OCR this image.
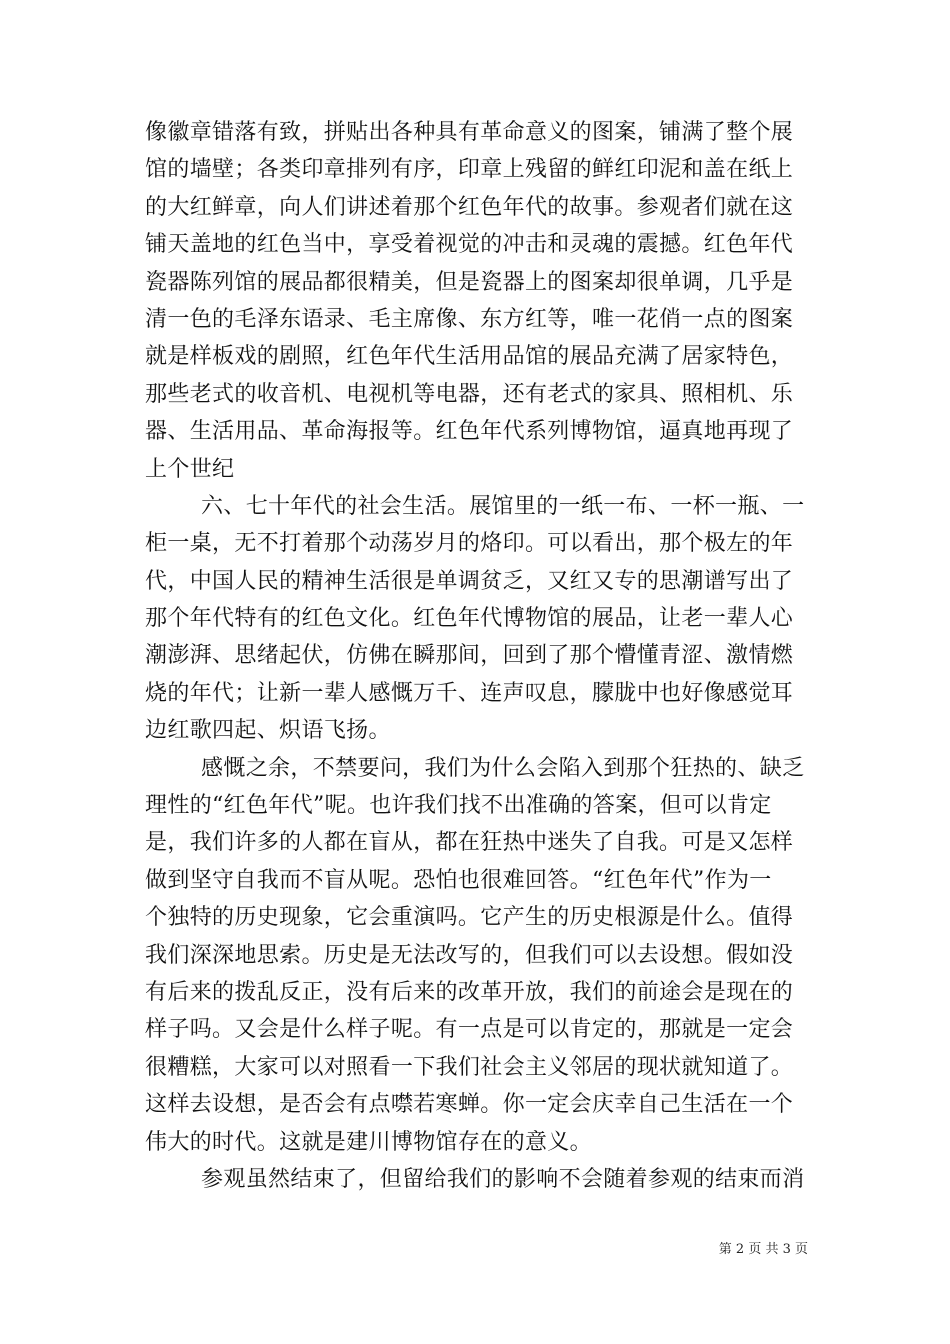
像徽章错落有致，拼贴出各种具有革命意义的图案，铺满了整个展
馆的墙壁；各类印章排列有序，印章上残留的鲜红印泥和盖在纸上
的大红鲜章，向人们讲述着那个红色年代的故事。参观者们就在这
铺天盖地的红色当中，享受着视觉的冲击和灵魂的震撼。红色年代
瓷器陈列馆的展品都很精美，但是瓷器上的图案却很单调，几乎是
清一色的毛泽东语录、毛主席像、东方红等，唯一花俏一点的图案
就是样板戏的剧照，红色年代生活用品馆的展品充满了居家特色，
那些老式的收音机、电视机等电器，还有老式的家具、照相机、乐
器、生活用品、革命海报等。红色年代系列博物馆，逼真地再现了
上个世纪
六、七十年代的社会生活。展馆里的一纸一布、一杯一瓶、一
柜一桌，无不打着那个动荡岁月的烙印。可以看出，那个极左的年
代，中国人民的精神生活很是单调贫乏，又红又专的思潮谱写出了
那个年代特有的红色文化。红色年代博物馆的展品，让老一辈人心
潮澎湃、思绪起伏，仿佛在瞬那间，回到了那个懵懂青涩、激情燃
烧的年代；让新一辈人感慨万千、连声叹息，朦胧中也好像感觉耳
边红歌四起、炽语飞扬。
感慨之余，不禁要问，我们为什么会陷入到那个狂热的、缺乏
理性的“红色年代”呢。也许我们找不出准确的答案，但可以肯定
是，我们许多的人都在盲从，都在狂热中迷失了自我。可是又怎样
做到坚守自我而不盲从呢。恐怕也很难回答。“红色年代”作为一
个独特的历史现象，它会重演吗。它产生的历史根源是什么。值得
我们深深地思索。历史是无法改写的，但我们可以去设想。假如没
有后来的拨乱反正，没有后来的改革开放，我们的前途会是现在的
样子吗。又会是什么样子呢。有一点是可以肯定的，那就是一定会
很糟糕，大家可以对照看一下我们社会主义邻居的现状就知道了。
这样去设想，是否会有点噤若寒蝉。你一定会庆幸自己生活在一个
伟大的时代。这就是建川博物馆存在的意义。
参观虽然结束了，但留给我们的影响不会随着参观的结束而消
第 2 页 共 3 页
